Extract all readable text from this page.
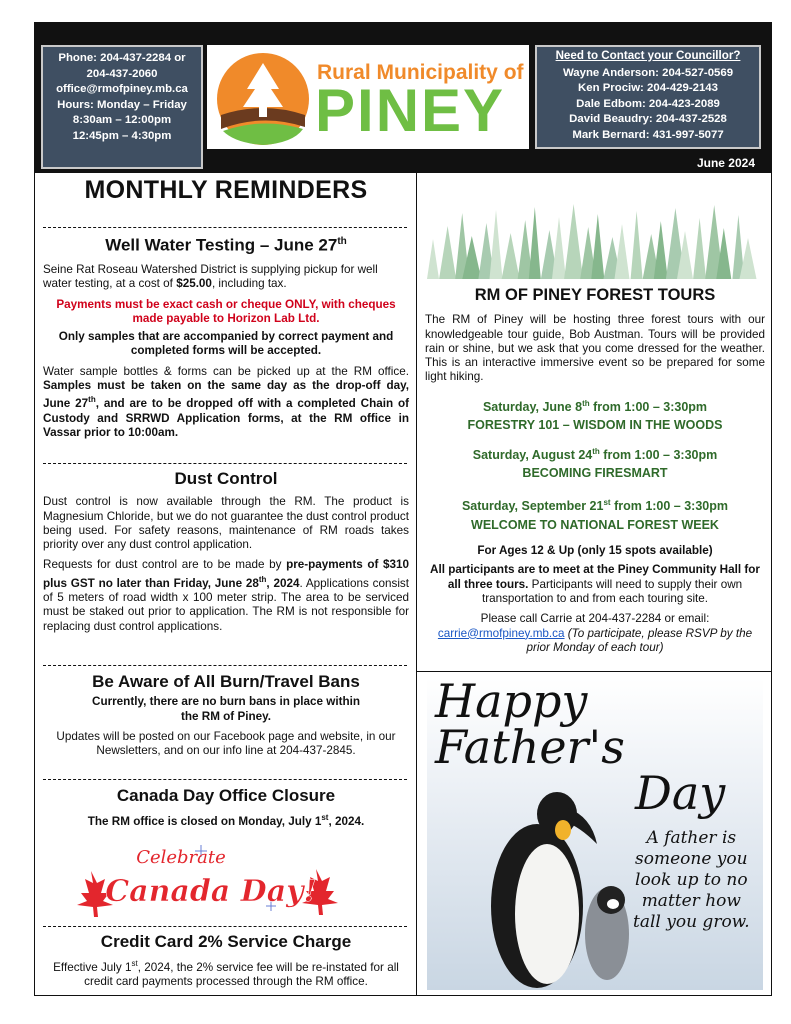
Phone: 204-437-2284 or
204-437-2060
office@rmofpiney.mb.ca
Hours: Monday – Friday
8:30am – 12:00pm
12:45pm – 4:30pm
Rural Municipality of
PINEY
Need to Contact your Councillor?
Wayne Anderson: 204-527-0569
Ken Prociw: 204-429-2143
Dale Edbom: 204-423-2089
David Beaudry: 204-437-2528
Mark Bernard: 431-997-5077
June 2024
MONTHLY REMINDERS
Well Water Testing – June 27th

Seine Rat Roseau Watershed District is supplying pickup for well water testing, at a cost of $25.00, including tax.

Payments must be exact cash or cheque ONLY, with cheques made payable to Horizon Lab Ltd.

Only samples that are accompanied by correct payment and completed forms will be accepted.

Water sample bottles & forms can be picked up at the RM office. Samples must be taken on the same day as the drop-off day, June 27th, and are to be dropped off with a completed Chain of Custody and SRRWD Application forms, at the RM office in Vassar prior to 10:00am.

Dust Control

Dust control is now available through the RM. The product is Magnesium Chloride, but we do not guarantee the dust control product being used. For safety reasons, maintenance of RM roads takes priority over any dust control application.

Requests for dust control are to be made by pre-payments of $310 plus GST no later than Friday, June 28th, 2024. Applications consist of 5 meters of road width x 100 meter strip. The area to be serviced must be staked out prior to application. The RM is not responsible for replacing dust control applications.

Be Aware of All Burn/Travel Bans

Currently, there are no burn bans in place within the RM of Piney.

Updates will be posted on our Facebook page and website, in our Newsletters, and on our info line at 204-437-2845.

Canada Day Office Closure

The RM office is closed on Monday, July 1st, 2024.

Celebrate
Canada Day!
Credit Card 2% Service Charge

Effective July 1st, 2024, the 2% service fee will be re-instated for all credit card payments processed through the RM office.

RM OF PINEY FOREST TOURS

The RM of Piney will be hosting three forest tours with our knowledgeable tour guide, Bob Austman. Tours will be provided rain or shine, but we ask that you come dressed for the weather. This is an interactive immersive event so be prepared for some light hiking.

Saturday, June 8th from 1:00 – 3:30pm

FORESTRY 101 – WISDOM IN THE WOODS

Saturday, August 24th from 1:00 – 3:30pm

BECOMING FIRESMART

Saturday, September 21st from 1:00 – 3:30pm

WELCOME TO NATIONAL FOREST WEEK

For Ages 12 & Up (only 15 spots available)

All participants are to meet at the Piney Community Hall for all three tours. Participants will need to supply their own transportation to and from each touring site.

Please call Carrie at 204-437-2284 or email:

carrie@rmofpiney.mb.ca (To participate, please RSVP by the prior Monday of each tour)

Happy Father's
Day
A father is
someone you
look up to no
matter how
tall you grow.
